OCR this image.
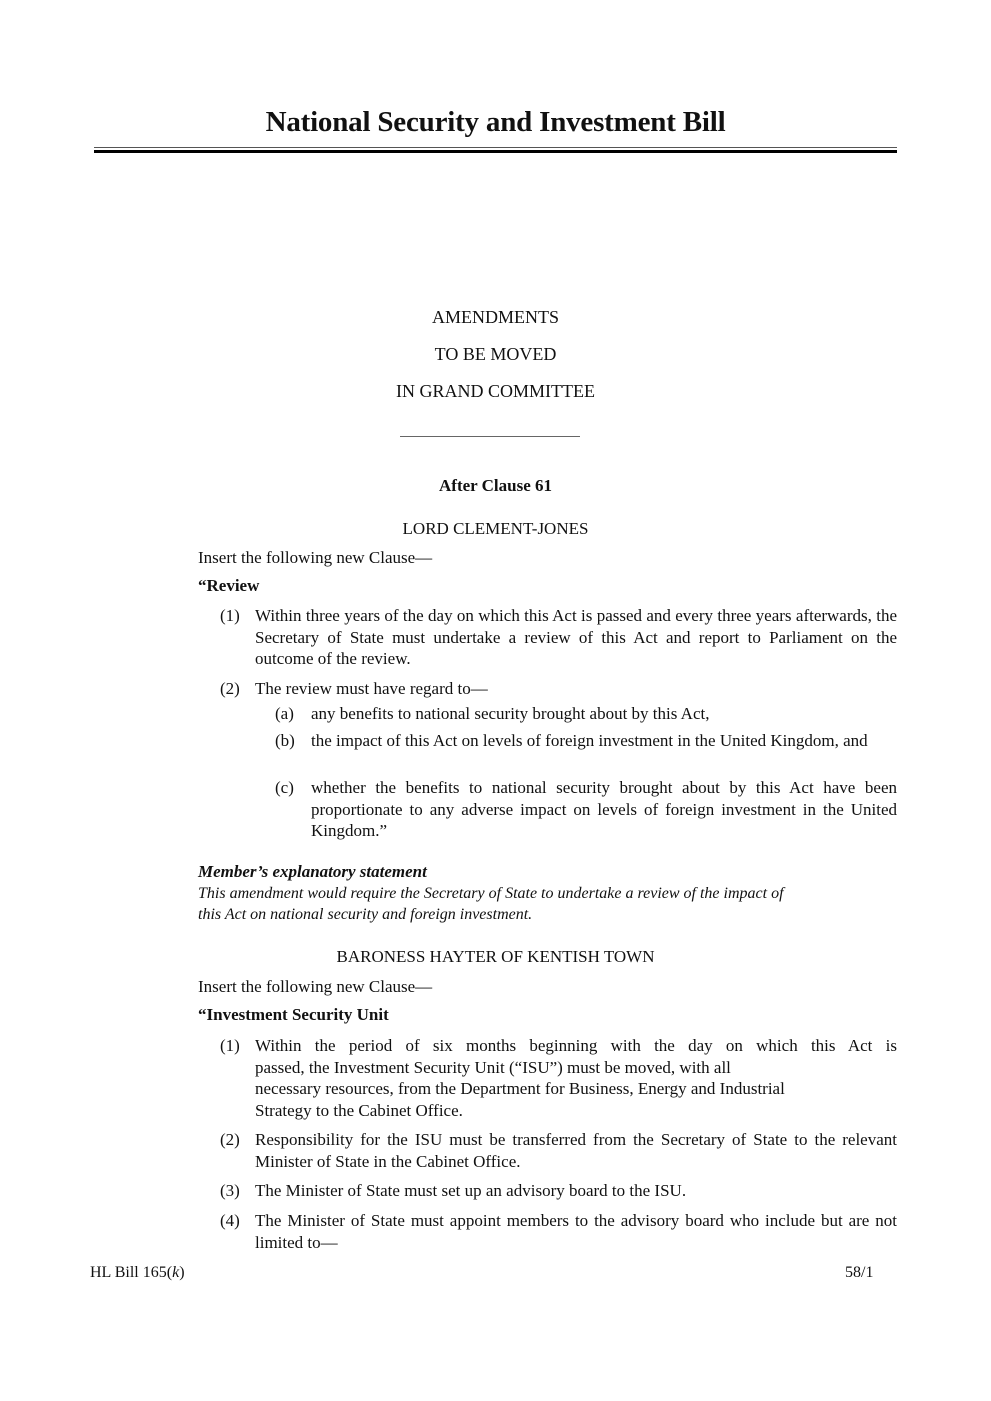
National Security and Investment Bill
AMENDMENTS
TO BE MOVED
IN GRAND COMMITTEE
After Clause 61
LORD CLEMENT-JONES
Insert the following new Clause—
“Review
(1) Within three years of the day on which this Act is passed and every three years afterwards, the Secretary of State must undertake a review of this Act and report to Parliament on the outcome of the review.
(2) The review must have regard to—
(a) any benefits to national security brought about by this Act,
(b) the impact of this Act on levels of foreign investment in the United Kingdom, and
(c) whether the benefits to national security brought about by this Act have been proportionate to any adverse impact on levels of foreign investment in the United Kingdom.”
Member’s explanatory statement
This amendment would require the Secretary of State to undertake a review of the impact of
this Act on national security and foreign investment.
BARONESS HAYTER OF KENTISH TOWN
Insert the following new Clause—
“Investment Security Unit
(1) Within the period of six months beginning with the day on which this Act is
passed, the Investment Security Unit (“ISU”) must be moved, with all
necessary resources, from the Department for Business, Energy and Industrial
Strategy to the Cabinet Office.
(2) Responsibility for the ISU must be transferred from the Secretary of State to the relevant Minister of State in the Cabinet Office.
(3) The Minister of State must set up an advisory board to the ISU.
(4) The Minister of State must appoint members to the advisory board who include but are not limited to—
HL Bill 165(k)	58/1
